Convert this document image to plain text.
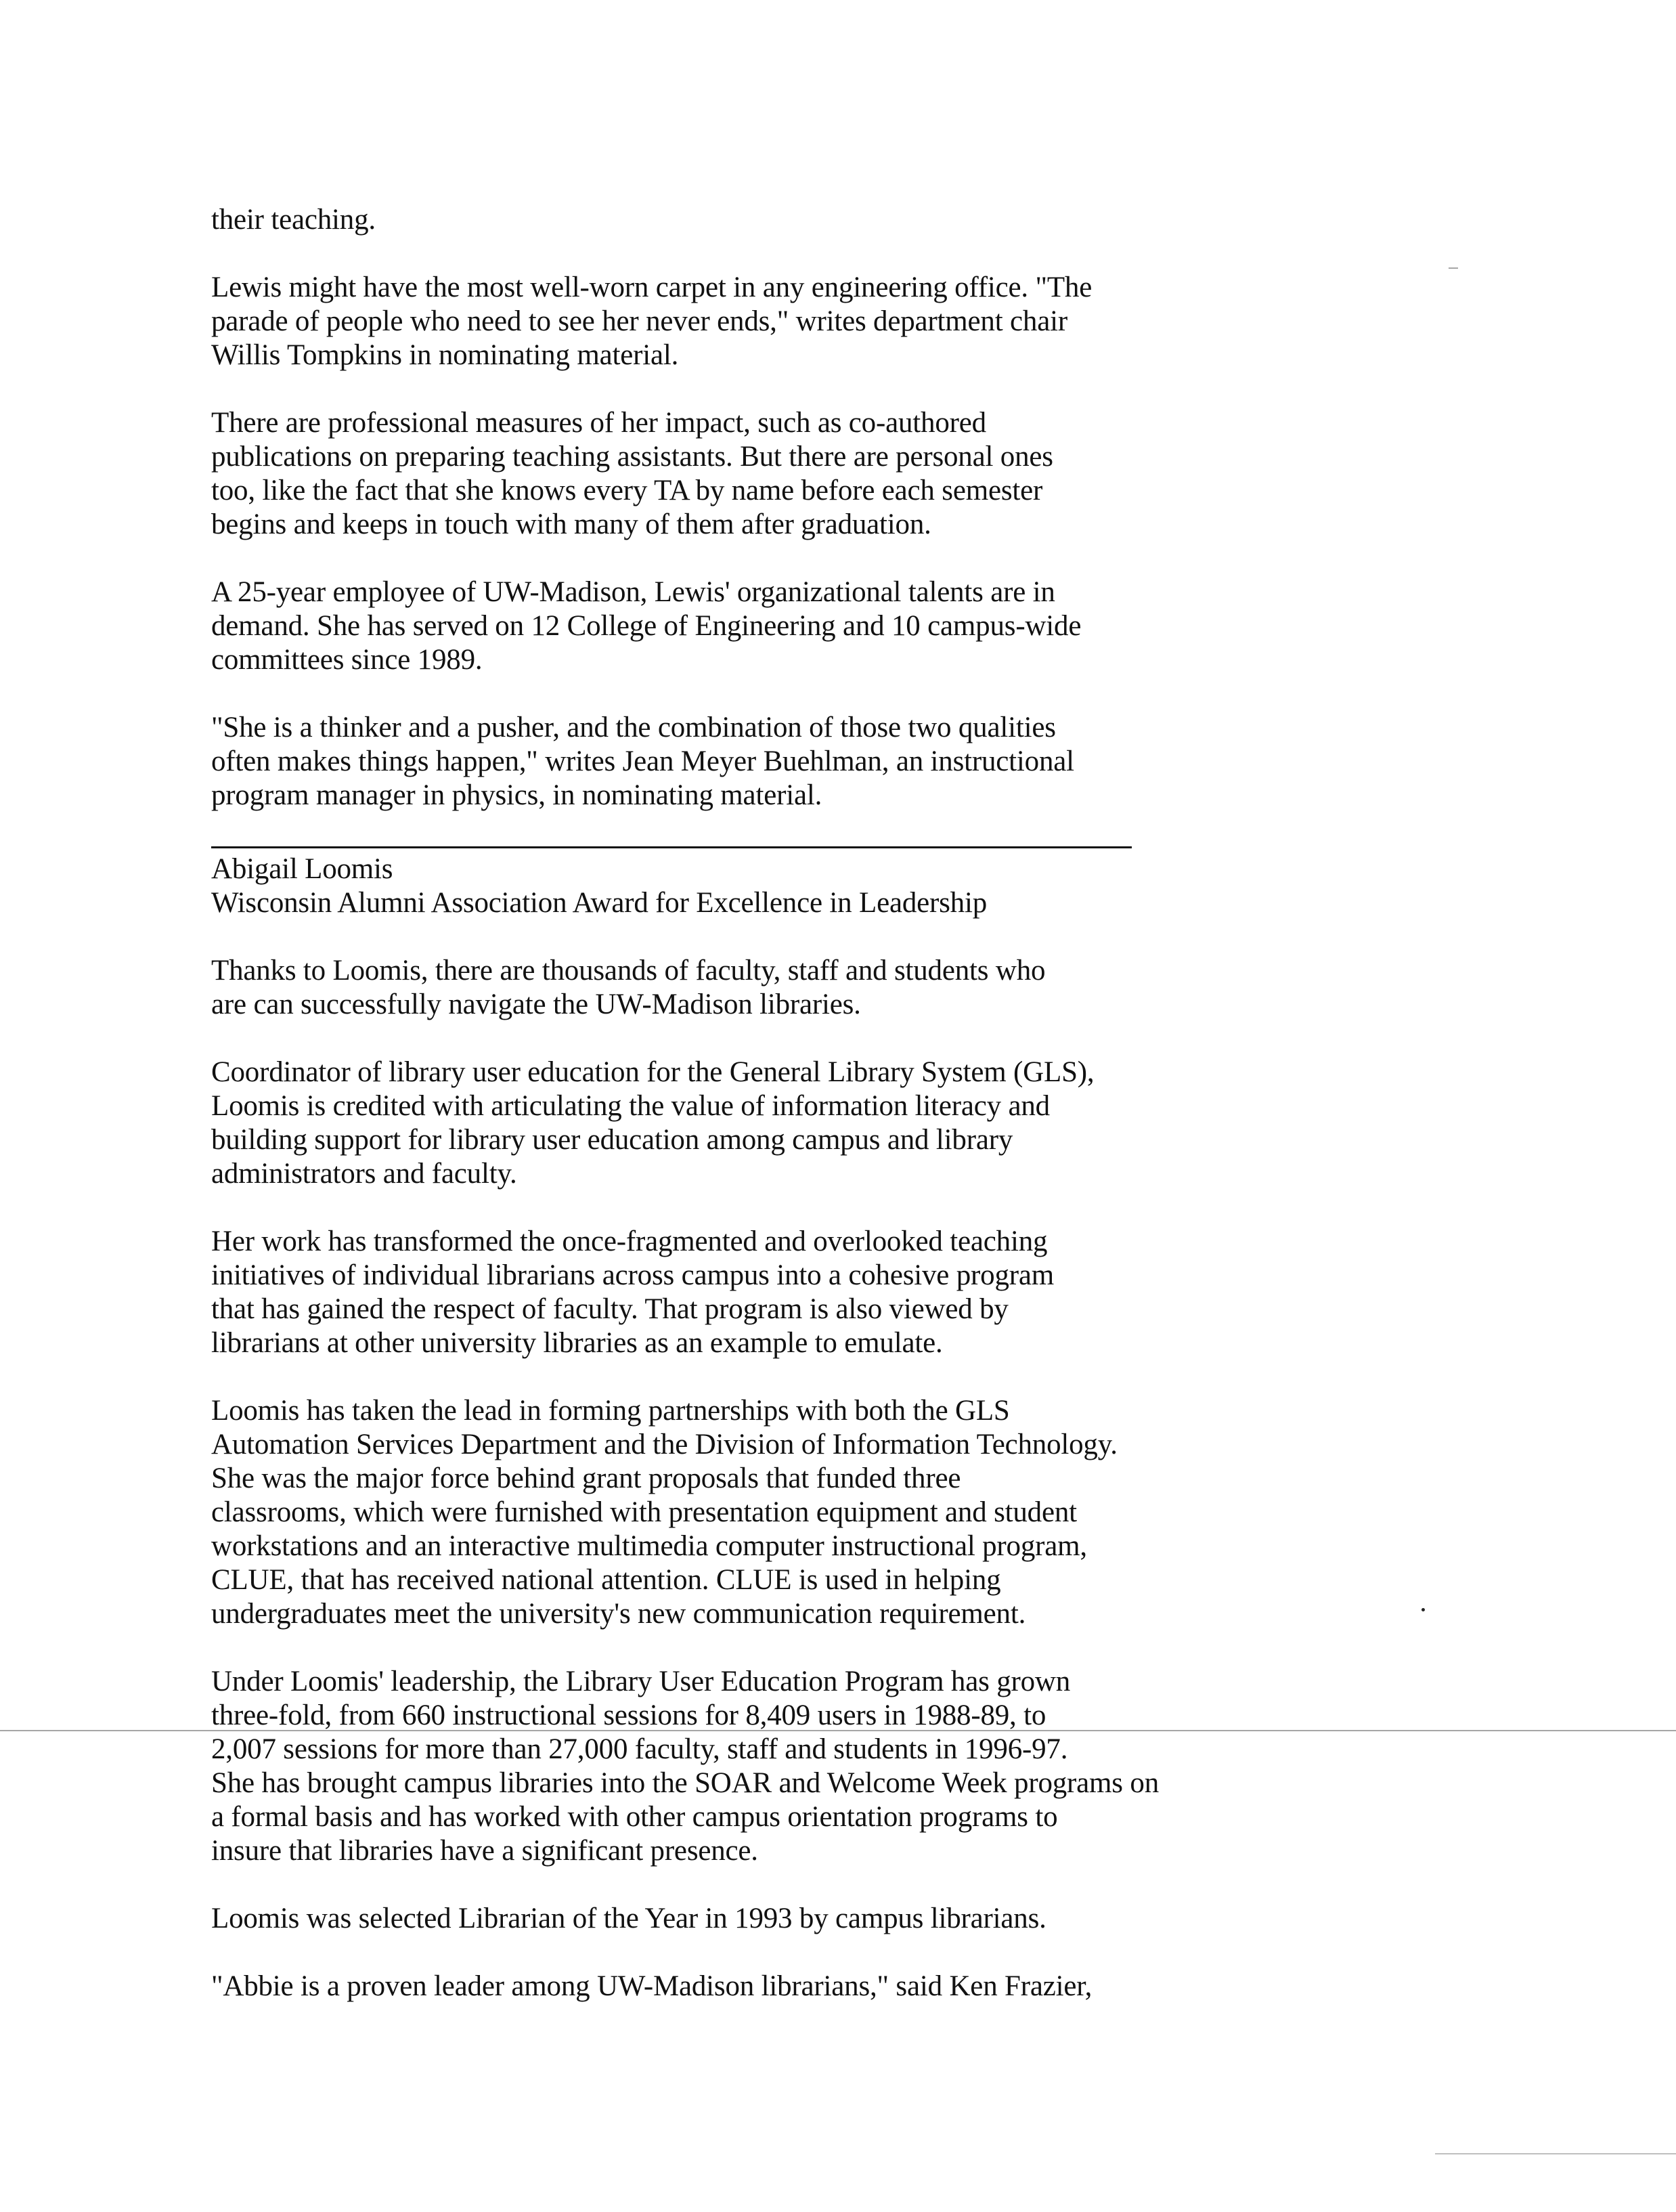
their teaching.

Lewis might have the most well-worn carpet in any engineering office. "The
parade of people who need to see her never ends," writes department chair
Willis Tompkins in nominating material.

There are professional measures of her impact, such as co-authored
publications on preparing teaching assistants. But there are personal ones
too, like the fact that she knows every TA by name before each semester
begins and keeps in touch with many of them after graduation.

A 25-year employee of UW-Madison, Lewis' organizational talents are in
demand. She has served on 12 College of Engineering and 10 campus-wide
committees since 1989.

"She is a thinker and a pusher, and the combination of those two qualities
often makes things happen," writes Jean Meyer Buehlman, an instructional
program manager in physics, in nominating material.

Abigail Loomis
Wisconsin Alumni Association Award for Excellence in Leadership

Thanks to Loomis, there are thousands of faculty, staff and students who
are can successfully navigate the UW-Madison libraries.

Coordinator of library user education for the General Library System (GLS),
Loomis is credited with articulating the value of information literacy and
building support for library user education among campus and library
administrators and faculty.

Her work has transformed the once-fragmented and overlooked teaching
initiatives of individual librarians across campus into a cohesive program
that has gained the respect of faculty. That program is also viewed by
librarians at other university libraries as an example to emulate.

Loomis has taken the lead in forming partnerships with both the GLS
Automation Services Department and the Division of Information Technology.
She was the major force behind grant proposals that funded three
classrooms, which were furnished with presentation equipment and student
workstations and an interactive multimedia computer instructional program,
CLUE, that has received national attention. CLUE is used in helping
undergraduates meet the university's new communication requirement.

Under Loomis' leadership, the Library User Education Program has grown
three-fold, from 660 instructional sessions for 8,409 users in 1988-89, to
2,007 sessions for more than 27,000 faculty, staff and students in 1996-97.
She has brought campus libraries into the SOAR and Welcome Week programs on
a formal basis and has worked with other campus orientation programs to
insure that libraries have a significant presence.

Loomis was selected Librarian of the Year in 1993 by campus librarians.

"Abbie is a proven leader among UW-Madison librarians," said Ken Frazier,
